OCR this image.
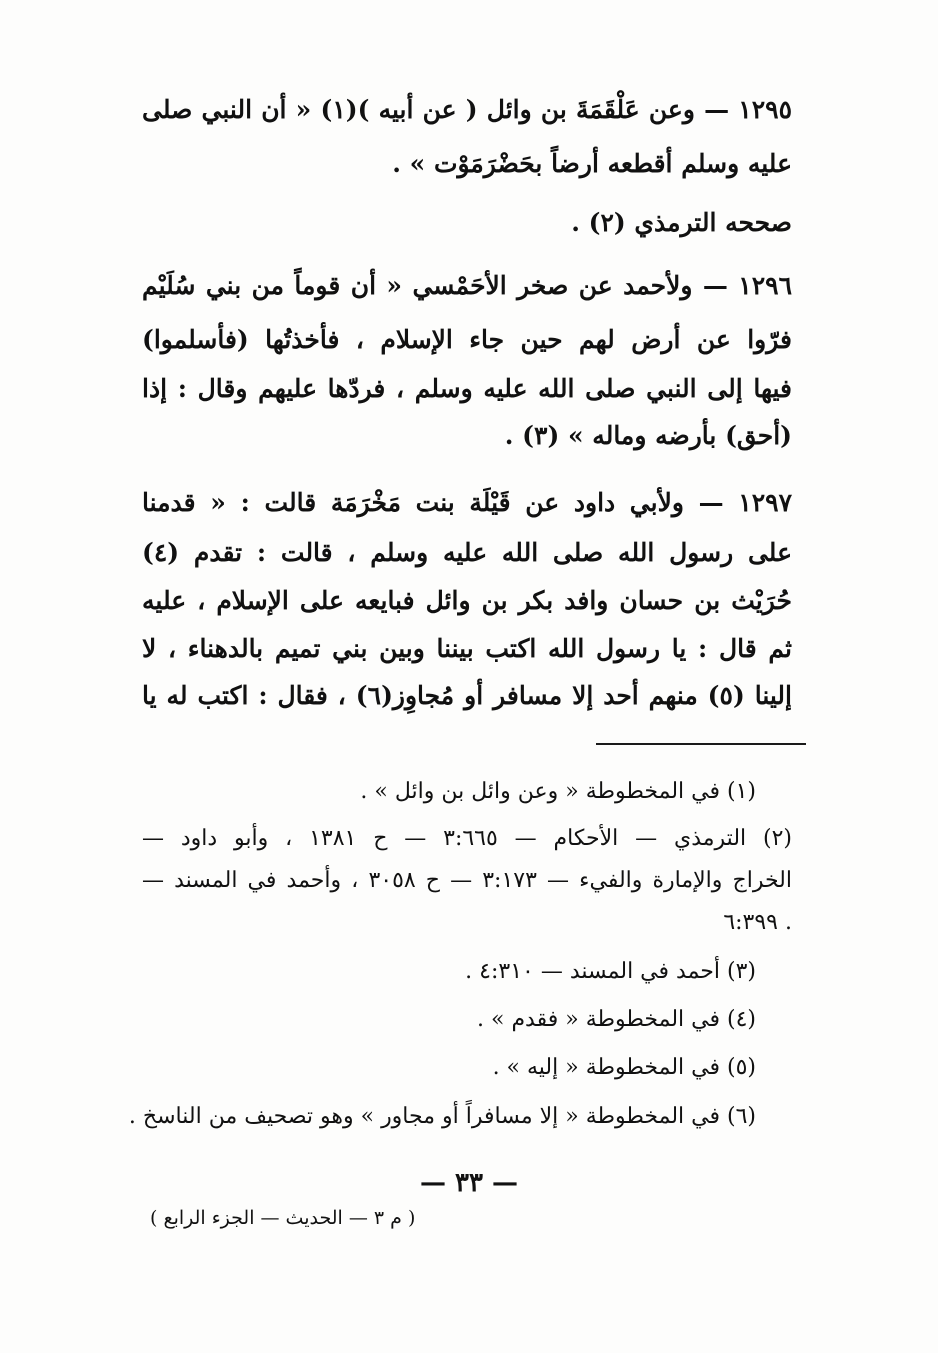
١٢٩٥ — وعن عَلْقَمَةَ بن وائل ( عن أبيه )(١) « أن النبي صلى
عليه وسلم أقطعه أرضاً بحَضْرَمَوْت » .
صححه الترمذي (٢) .
١٢٩٦ — ولأحمد عن صخر الأحَمْسي « أن قوماً من بني سُلَيْم
فرّوا عن أرض لهم حين جاء الإسلام ، فأخذتُها (فأسلموا)
فيها إلى النبي صلى الله عليه وسلم ، فردّها عليهم وقال : إذا
(أحق) بأرضه وماله » (٣) .
١٢٩٧ — ولأبي داود عن قَيْلَة بنت مَخْرَمَة قالت : « قدمنا
على رسول الله صلى الله عليه وسلم ، قالت : تقدم (٤)
حُرَيْث بن حسان وافد بكر بن وائل فبايعه على الإسلام ، عليه
ثم قال : يا رسول الله اكتب بيننا وبين بني تميم بالدهناء ، لا
إلينا (٥) منهم أحد إلا مسافر أو مُجاوِز(٦) ، فقال : اكتب له يا
(١) في المخطوطة « وعن وائل بن وائل » .
(٢) الترمذي — الأحكام — ٣:٦٦٥ — ح ١٣٨١ ، وأبو داود —
الخراج والإمارة والفيء — ٣:١٧٣ — ح ٣٠٥٨ ، وأحمد في المسند —
٦:٣٩٩ .
(٣) أحمد في المسند — ٤:٣١٠ .
(٤) في المخطوطة « فقدم » .
(٥) في المخطوطة « إليه » .
(٦) في المخطوطة « إلا مسافراً أو مجاور » وهو تصحيف من الناسخ .
— ٣٣ —
( م ٣ — الحديث — الجزء الرابع )
